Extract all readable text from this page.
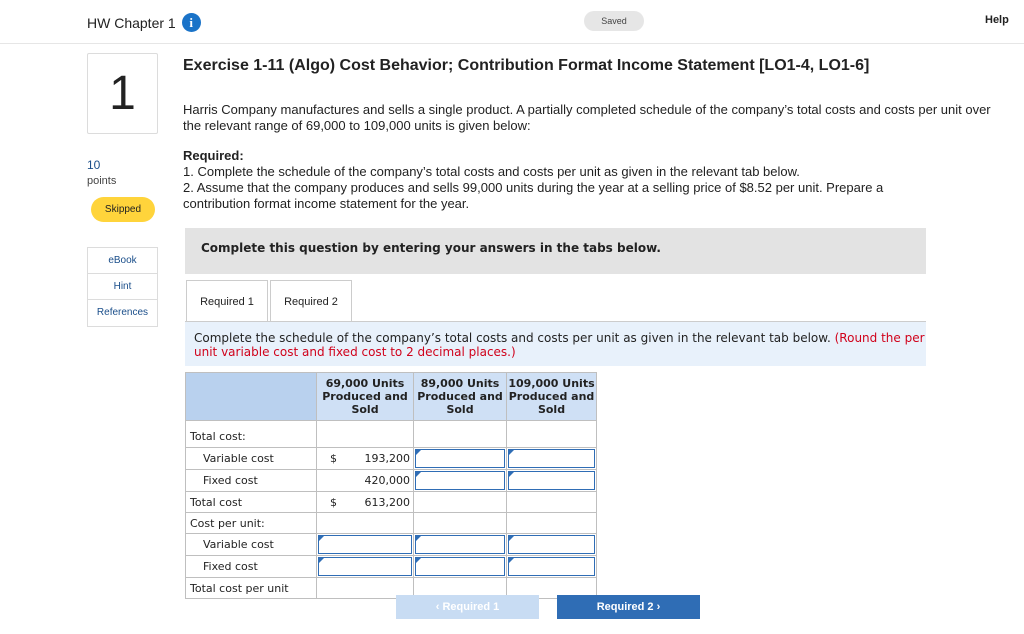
HW Chapter 1	i	Saved	Help
1
10
points
Skipped
eBook
Hint
References
Exercise 1-11 (Algo) Cost Behavior; Contribution Format Income Statement [LO1-4, LO1-6]
Harris Company manufactures and sells a single product. A partially completed schedule of the company’s total costs and costs per unit over the relevant range of 69,000 to 109,000 units is given below:
Required:
1. Complete the schedule of the company’s total costs and costs per unit as given in the relevant tab below.
2. Assume that the company produces and sells 99,000 units during the year at a selling price of $8.52 per unit. Prepare a contribution format income statement for the year.
Complete this question by entering your answers in the tabs below.
Required 1	Required 2
Complete the schedule of the company’s total costs and costs per unit as given in the relevant tab below. (Round the per unit variable cost and fixed cost to 2 decimal places.)
	69,000 Units Produced and Sold	89,000 Units Produced and Sold	109,000 Units Produced and Sold

Total cost:			
Variable cost	$ 193,200		

Fixed cost	420,000		

Total cost	$ 613,200		

Cost per unit:			
Variable cost	

Fixed cost	

Total cost per unit			
‹ Required 1	Required 2 ›
